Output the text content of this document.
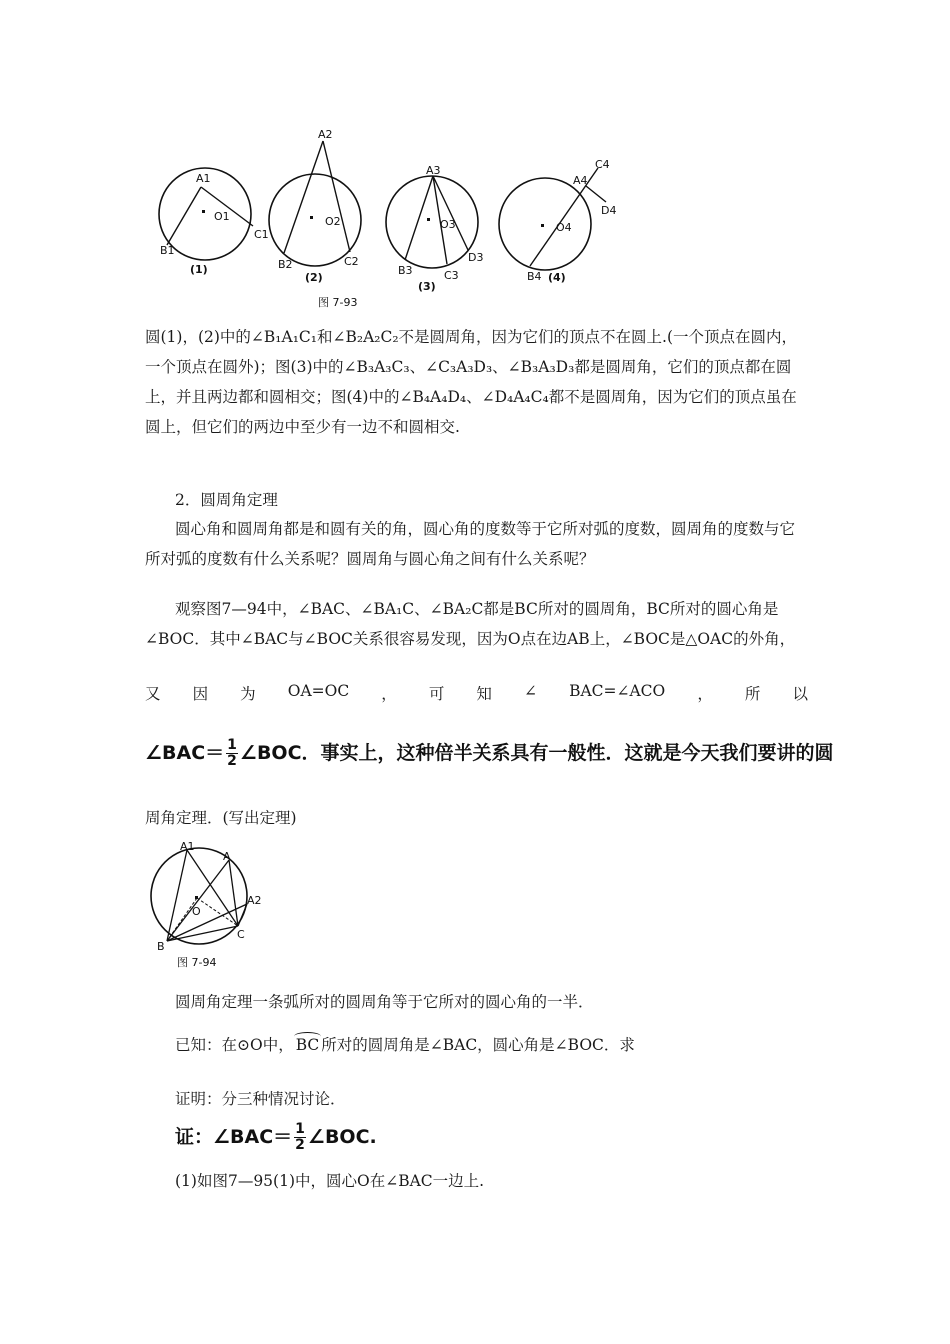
A1
B1
C1
O1
(1)
A2
B2	C2
O2
(2)
A3
B3	C3
D3
O3
(3)
C4
A4
D4
O4
B4 (4)
图 7-93
圆(1)，(2)中的∠B₁A₁C₁和∠B₂A₂C₂不是圆周角，因为它们的顶点不在圆上.(一个顶点在圆内，一个顶点在圆外)；图(3)中的∠B₃A₃C₃、∠C₃A₃D₃、∠B₃A₃D₃都是圆周角，它们的顶点都在圆上，并且两边都和圆相交；图(4)中的∠B₄A₄D₄、∠D₄A₄C₄都不是圆周角，因为它们的顶点虽在圆上，但它们的两边中至少有一边不和圆相交.
2．圆周角定理
圆心角和圆周角都是和圆有关的角，圆心角的度数等于它所对弧的度数，圆周角的度数与它所对弧的度数有什么关系呢？圆周角与圆心角之间有什么关系呢？
观察图7—94中，∠BAC、∠BA₁C、∠BA₂C都是BC所对的圆周角，BC所对的圆心角是∠BOC．其中∠BAC与∠BOC关系很容易发现，因为O点在边AB上，∠BOC是△OAC的外角，
又 因 为 OA=OC ， 可 知 ∠ BAC=∠ACO ， 所 以
∠BAC＝ $\frac{1}{2}$ ∠BOC．事实上，这种倍半关系具有一般性．这就是今天我们要讲的圆
周角定理．(写出定理)
A1
A
A2
B
C
O
图 7-94
圆周角定理一条弧所对的圆周角等于它所对的圆心角的一半．
已知：在⊙O中， BC 所对的圆周角是∠BAC，圆心角是∠BOC．求
证明：分三种情况讨论．
证：∠BAC＝ $\frac{1}{2}$ ∠BOC.
(1)如图7—95(1)中，圆心O在∠BAC一边上.
